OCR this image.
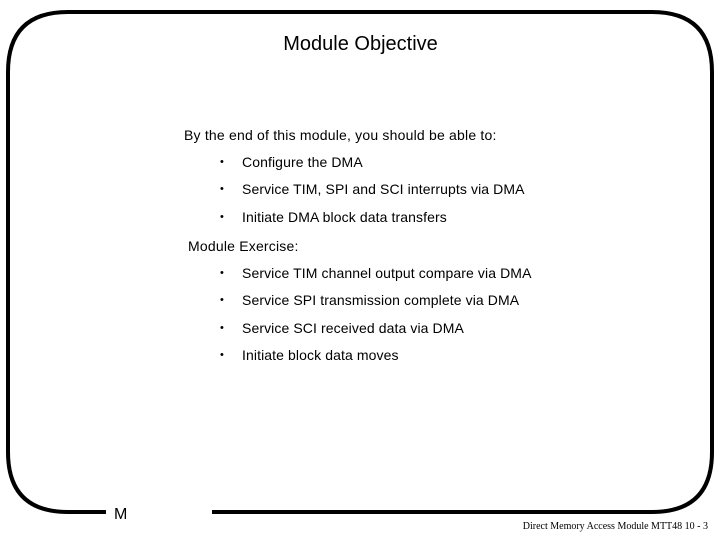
Module Objective
By the end of this module, you should be able to:
•	Configure the DMA
•	Service TIM, SPI and SCI interrupts via DMA
•	Initiate DMA block data transfers
Module Exercise:
•	Service TIM channel output compare via DMA
•	Service SPI transmission complete via DMA
•	Service SCI received data via DMA
•	Initiate block data moves
M
Direct Memory Access Module MTT48 10 - 3
